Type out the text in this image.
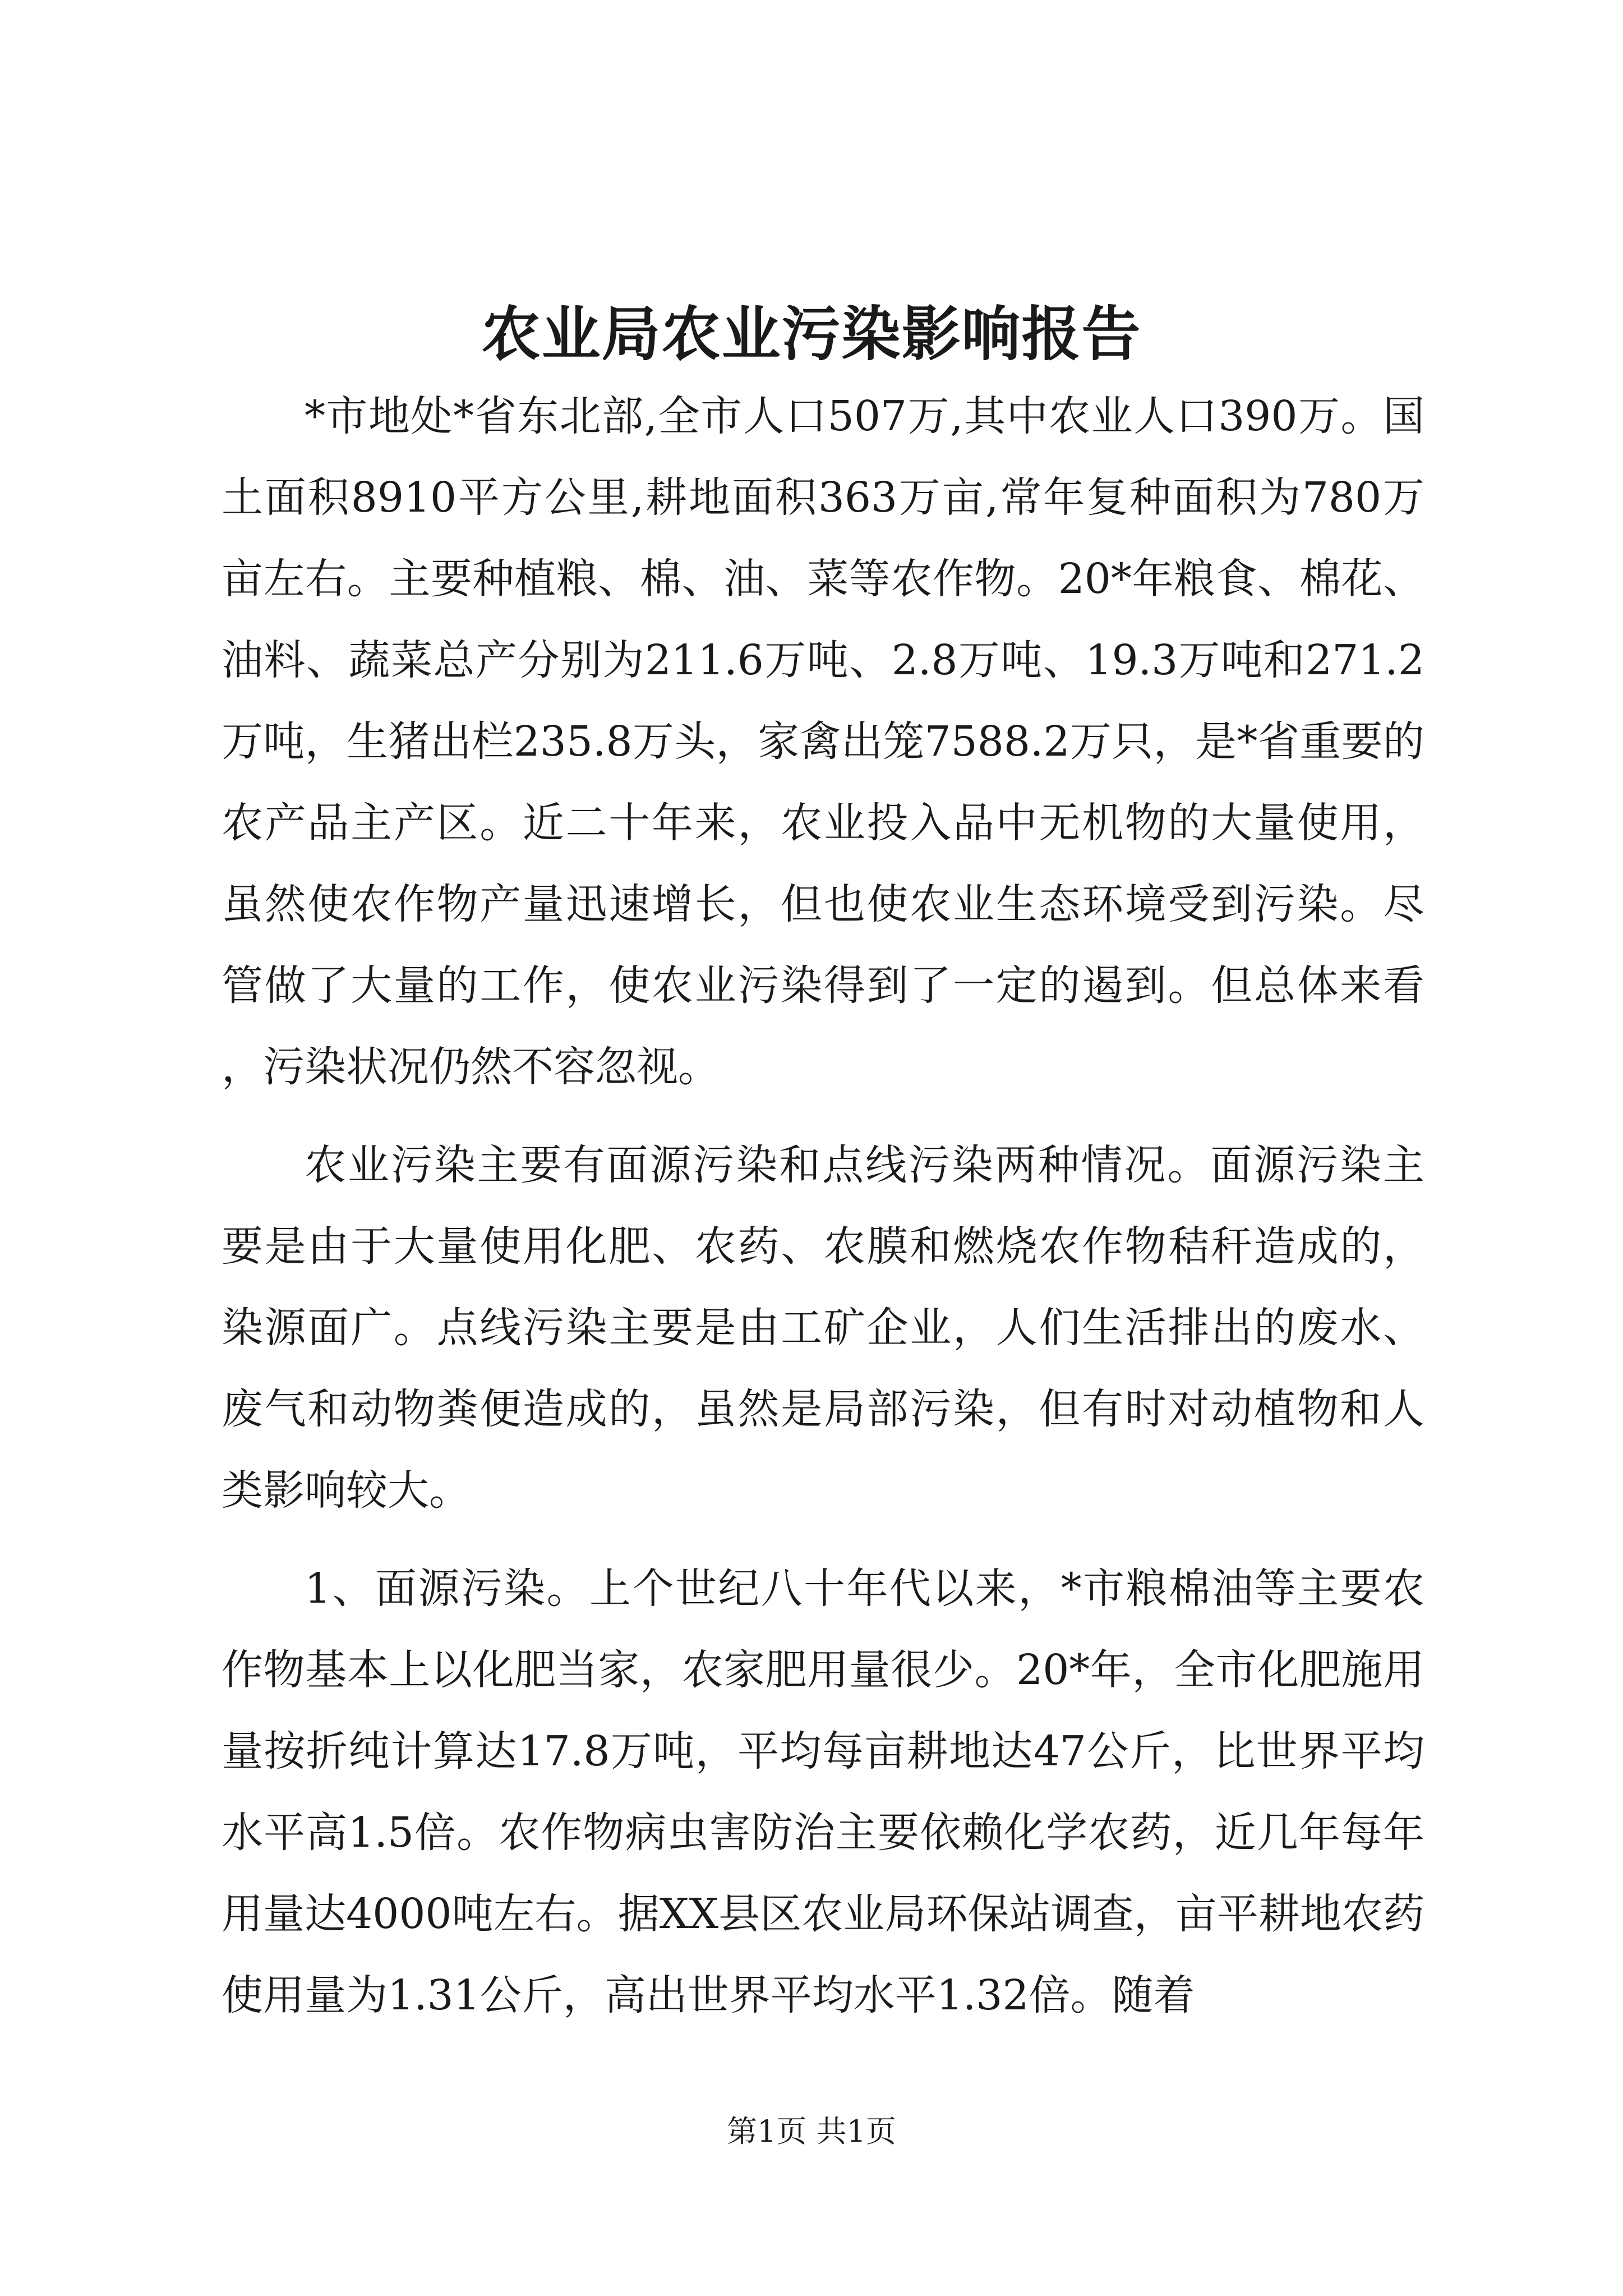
农业局农业污染影响报告

*市地处*省东北部,全市人口507万,其中农业人口390万。国土面积8910平方公里,耕地面积363万亩,常年复种面积为780万亩左右。主要种植粮、棉、油、菜等农作物。20*年粮食、棉花、油料、蔬菜总产分别为211.6万吨、2.8万吨、19.3万吨和271.2万吨，生猪出栏235.8万头，家禽出笼7588.2万只，是*省重要的农产品主产区。近二十年来，农业投入品中无机物的大量使用，虽然使农作物产量迅速增长，但也使农业生态环境受到污染。尽管做了大量的工作，使农业污染得到了一定的遏到。但总体来看，污染状况仍然不容忽视。

农业污染主要有面源污染和点线污染两种情况。面源污染主要是由于大量使用化肥、农药、农膜和燃烧农作物秸秆造成的，染源面广。点线污染主要是由工矿企业，人们生活排出的废水、废气和动物粪便造成的，虽然是局部污染，但有时对动植物和人类影响较大。

1、面源污染。上个世纪八十年代以来，*市粮棉油等主要农作物基本上以化肥当家，农家肥用量很少。20*年，全市化肥施用量按折纯计算达17.8万吨，平均每亩耕地达47公斤，比世界平均水平高1.5倍。农作物病虫害防治主要依赖化学农药，近几年每年用量达4000吨左右。据XX县区农业局环保站调查，亩平耕地农药使用量为1.31公斤，高出世界平均水平1.32倍。随着

第1页 共1页
